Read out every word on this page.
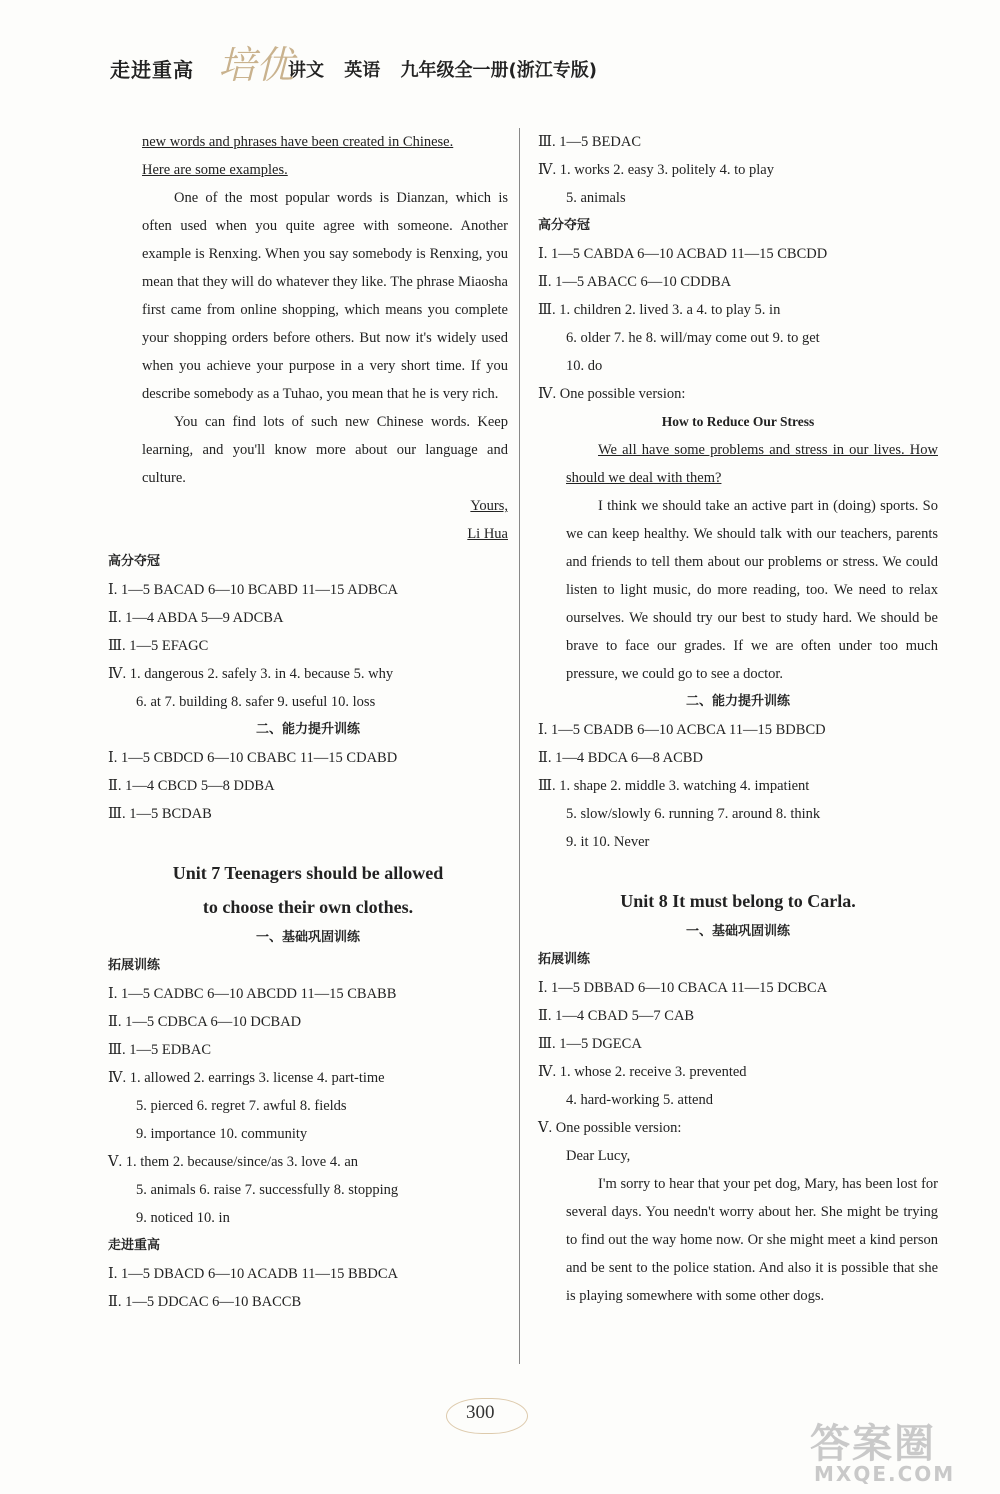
走进重高 培优
讲文 英语 九年级全一册(浙江专版)
new words and phrases have been created in Chinese.
Here are some examples.
One of the most popular words is Dianzan, which is often used when you quite agree with someone. Another example is Renxing. When you say somebody is Renxing, you mean that they will do whatever they like. The phrase Miaosha first came from online shopping, which means you complete your shopping orders before others. But now it's widely used when you achieve your purpose in a very short time. If you describe somebody as a Tuhao, you mean that he is very rich.
You can find lots of such new Chinese words. Keep learning, and you'll know more about our language and culture.
Yours,
Li Hua
高分夺冠
Ⅰ. 1—5 BACAD 6—10 BCABD 11—15 ADBCA
Ⅱ. 1—4 ABDA 5—9 ADCBA
Ⅲ. 1—5 EFAGC
Ⅳ. 1. dangerous 2. safely 3. in 4. because 5. why
6. at 7. building 8. safer 9. useful 10. loss
二、能力提升训练
Ⅰ. 1—5 CBDCD 6—10 CBABC 11—15 CDABD
Ⅱ. 1—4 CBCD 5—8 DDBA
Ⅲ. 1—5 BCDAB
Unit 7 Teenagers should be allowed
to choose their own clothes.
一、基础巩固训练
拓展训练
Ⅰ. 1—5 CADBC 6—10 ABCDD 11—15 CBABB
Ⅱ. 1—5 CDBCA 6—10 DCBAD
Ⅲ. 1—5 EDBAC
Ⅳ. 1. allowed 2. earrings 3. license 4. part-time
5. pierced 6. regret 7. awful 8. fields
9. importance 10. community
Ⅴ. 1. them 2. because/since/as 3. love 4. an
5. animals 6. raise 7. successfully 8. stopping
9. noticed 10. in
走进重高
Ⅰ. 1—5 DBACD 6—10 ACADB 11—15 BBDCA
Ⅱ. 1—5 DDCAC 6—10 BACCB
Ⅲ. 1—5 BEDAC
Ⅳ. 1. works 2. easy 3. politely 4. to play
5. animals
高分夺冠
Ⅰ. 1—5 CABDA 6—10 ACBAD 11—15 CBCDD
Ⅱ. 1—5 ABACC 6—10 CDDBA
Ⅲ. 1. children 2. lived 3. a 4. to play 5. in
6. older 7. he 8. will/may come out 9. to get
10. do
Ⅳ. One possible version:
How to Reduce Our Stress
We all have some problems and stress in our lives. How should we deal with them?
I think we should take an active part in (doing) sports. So we can keep healthy. We should talk with our teachers, parents and friends to tell them about our problems or stress. We could listen to light music, do more reading, too. We need to relax ourselves. We should try our best to study hard. We should be brave to face our grades. If we are often under too much pressure, we could go to see a doctor.
二、能力提升训练
Ⅰ. 1—5 CBADB 6—10 ACBCA 11—15 BDBCD
Ⅱ. 1—4 BDCA 6—8 ACBD
Ⅲ. 1. shape 2. middle 3. watching 4. impatient
5. slow/slowly 6. running 7. around 8. think
9. it 10. Never
Unit 8 It must belong to Carla.
一、基础巩固训练
拓展训练
Ⅰ. 1—5 DBBAD 6—10 CBACA 11—15 DCBCA
Ⅱ. 1—4 CBAD 5—7 CAB
Ⅲ. 1—5 DGECA
Ⅳ. 1. whose 2. receive 3. prevented
4. hard-working 5. attend
Ⅴ. One possible version:
Dear Lucy,
I'm sorry to hear that your pet dog, Mary, has been lost for several days. You needn't worry about her. She might be trying to find out the way home now. Or she might meet a kind person and be sent to the police station. And also it is possible that she is playing somewhere with some other dogs.
300
答案圈
MXQE.COM
